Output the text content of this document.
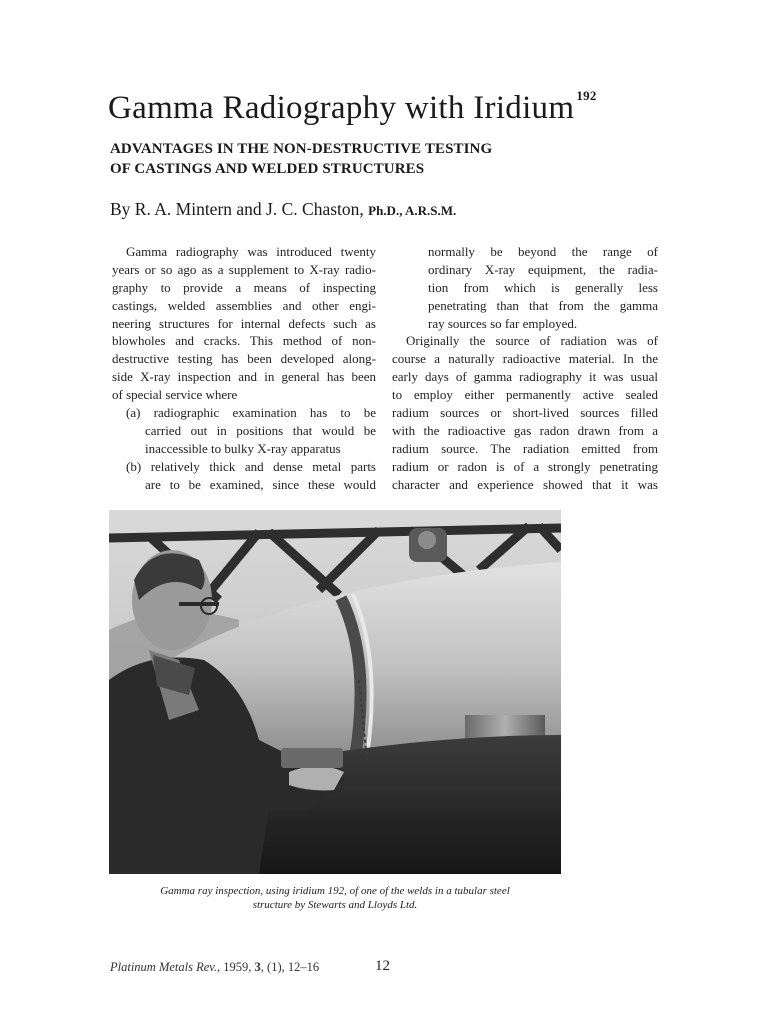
Gamma Radiography with Iridium $^{192}$
ADVANTAGES IN THE NON-DESTRUCTIVE TESTING
OF CASTINGS AND WELDED STRUCTURES
By R. A. Mintern and J. C. Chaston, Ph.D., A.R.S.M.
Gamma radiography was introduced twenty
years or so ago as a supplement to X-ray radio-
graphy to provide a means of inspecting
castings, welded assemblies and other engi-
neering structures for internal defects such as
blowholes and cracks. This method of non-
destructive testing has been developed along-
side X-ray inspection and in general has been
of special service where
(a) radiographic examination has to be
carried out in positions that would be
inaccessible to bulky X-ray apparatus
(b) relatively thick and dense metal parts
are to be examined, since these would
normally be beyond the range of
ordinary X-ray equipment, the radia-
tion from which is generally less
penetrating than that from the gamma
ray sources so far employed.
Originally the source of radiation was of
course a naturally radioactive material. In the
early days of gamma radiography it was usual
to employ either permanently active sealed
radium sources or short-lived sources filled
with the radioactive gas radon drawn from a
radium source. The radiation emitted from
radium or radon is of a strongly penetrating
character and experience showed that it was
Gamma ray inspection, using iridium 192, of one of the welds in a tubular steel
structure by Stewarts and Lloyds Ltd.
Platinum Metals Rev., 1959, 3, (1), 12–16	12
